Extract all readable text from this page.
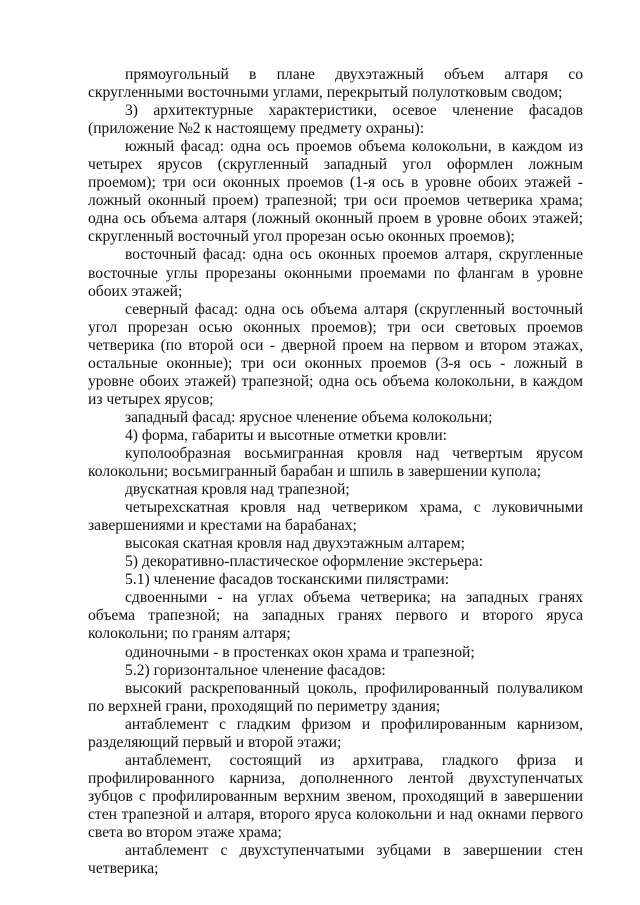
прямоугольный в плане двухэтажный объем алтаря со скругленными восточными углами, перекрытый полулотковым сводом;

3) архитектурные характеристики, осевое членение фасадов (приложение №2 к настоящему предмету охраны):

южный фасад: одна ось проемов объема колокольни, в каждом из четырех ярусов (скругленный западный угол оформлен ложным проемом); три оси оконных проемов (1-я ось в уровне обоих этажей - ложный оконный проем) трапезной; три оси проемов четверика храма; одна ось объема алтаря (ложный оконный проем в уровне обоих этажей; скругленный восточный угол прорезан осью оконных проемов);

восточный фасад: одна ось оконных проемов алтаря, скругленные восточные углы прорезаны оконными проемами по флангам в уровне обоих этажей;

северный фасад: одна ось объема алтаря (скругленный восточный угол прорезан осью оконных проемов); три оси световых проемов четверика (по второй оси - дверной проем на первом и втором этажах, остальные оконные); три оси оконных проемов (3-я ось - ложный в уровне обоих этажей) трапезной; одна ось объема колокольни, в каждом из четырех ярусов;

западный фасад: ярусное членение объема колокольни;

4) форма, габариты и высотные отметки кровли:

куполообразная восьмигранная кровля над четвертым ярусом колокольни; восьмигранный барабан и шпиль в завершении купола;

двускатная кровля над трапезной;

четырехскатная кровля над четвериком храма, с луковичными завершениями и крестами на барабанах;

высокая скатная кровля над двухэтажным алтарем;

5) декоративно-пластическое оформление экстерьера:

5.1) членение фасадов тосканскими пилястрами:

сдвоенными - на углах объема четверика; на западных гранях объема трапезной; на западных гранях первого и второго яруса колокольни; по граням алтаря;

одиночными - в простенках окон храма и трапезной;

5.2) горизонтальное членение фасадов:

высокий раскрепованный цоколь, профилированный полуваликом по верхней грани, проходящий по периметру здания;

антаблемент с гладким фризом и профилированным карнизом, разделяющий первый и второй этажи;

антаблемент, состоящий из архитрава, гладкого фриза и профилированного карниза, дополненного лентой двухступенчатых зубцов с профилированным верхним звеном, проходящий в завершении стен трапезной и алтаря, второго яруса колокольни и над окнами первого света во втором этаже храма;

антаблемент с двухступенчатыми зубцами в завершении стен четверика;
